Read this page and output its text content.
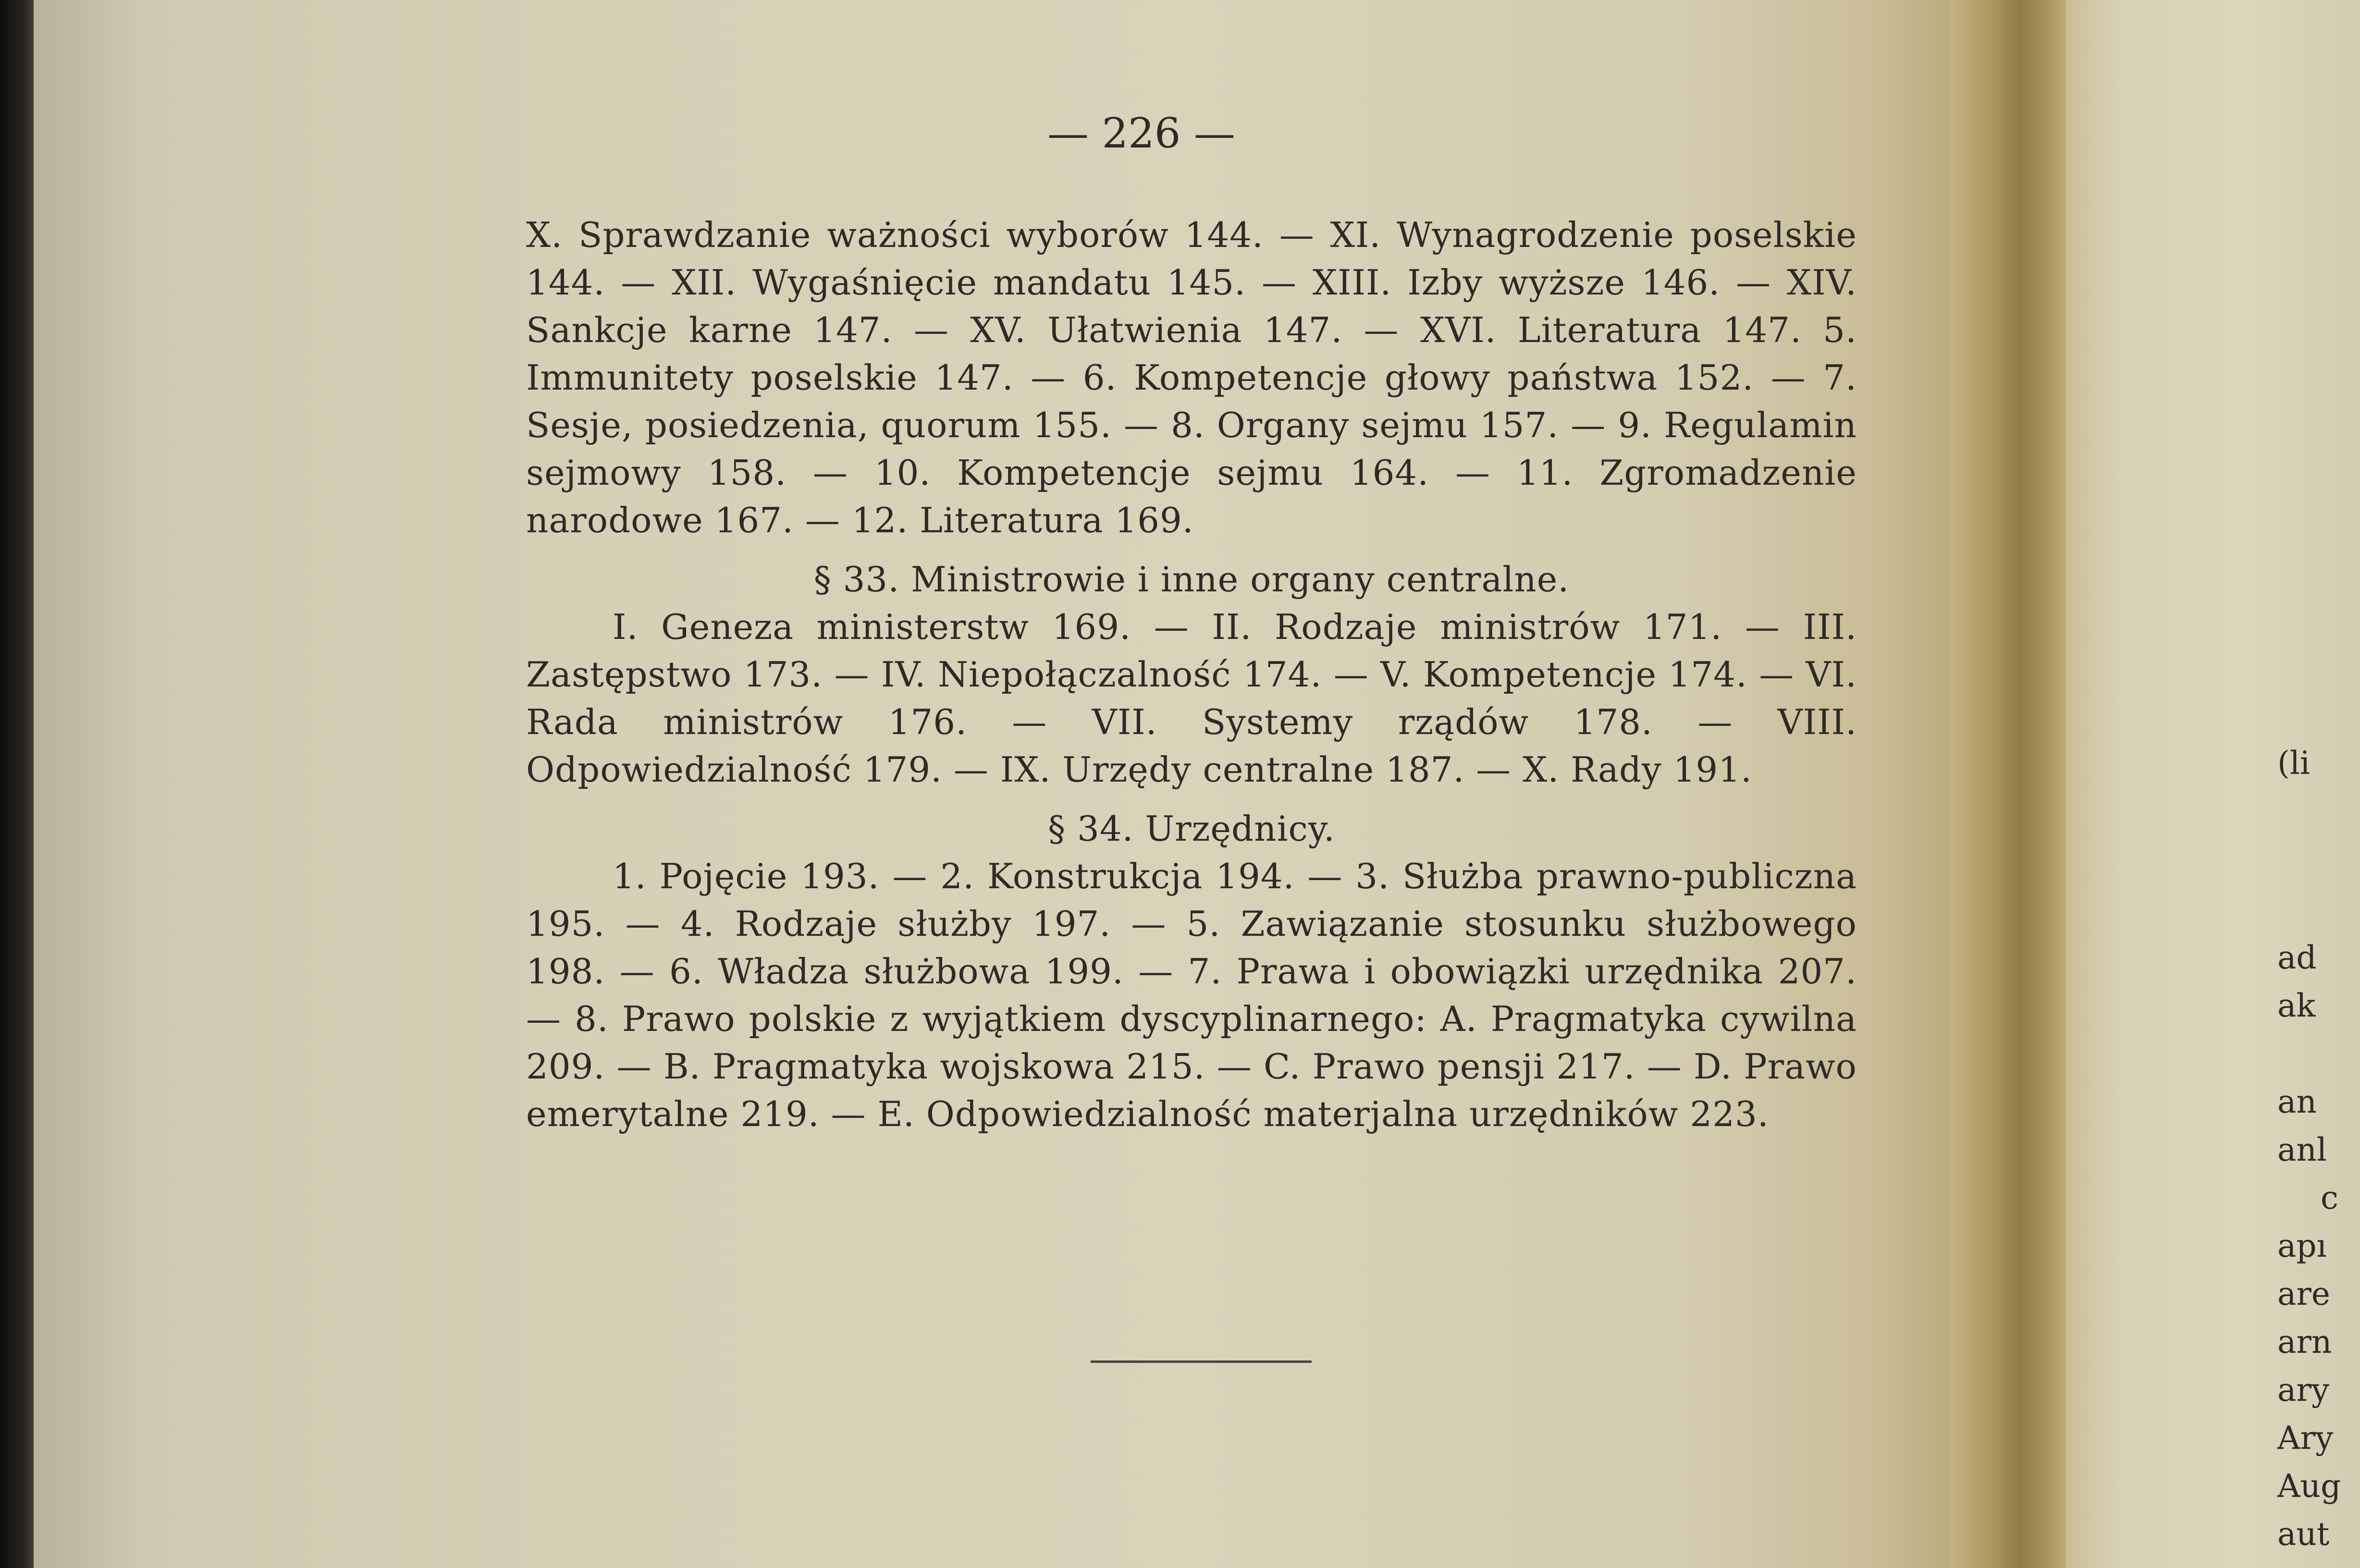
— 226 —

X. Sprawdzanie ważności wyborów 144. — XI. Wynagrodzenie poselskie 144. — XII. Wygaśnięcie mandatu 145. — XIII. Izby wyższe 146. — XIV. Sankcje karne 147. — XV. Ułatwienia 147. — XVI. Literatura 147. 5. Immunitety poselskie 147. — 6. Kompetencje głowy państwa 152. — 7. Sesje, posiedzenia, quorum 155. — 8. Organy sejmu 157. — 9. Regulamin sejmowy 158. — 10. Kompetencje sejmu 164. — 11. Zgromadzenie narodowe 167. — 12. Literatura 169.

§ 33. Ministrowie i inne organy centralne.

I. Geneza ministerstw 169. — II. Rodzaje ministrów 171. — III. Zastępstwo 173. — IV. Niepołączalność 174. — V. Kompetencje 174. — VI. Rada ministrów 176. — VII. Systemy rządów 178. — VIII. Odpowiedzialność 179. — IX. Urzędy centralne 187. — X. Rady 191.

§ 34. Urzędnicy.

1. Pojęcie 193. — 2. Konstrukcja 194. — 3. Służba prawno-publiczna 195. — 4. Rodzaje służby 197. — 5. Zawiązanie stosunku służbowego 198. — 6. Władza służbowa 199. — 7. Prawa i obowiązki urzędnika 207. — 8. Prawo polskie z wyjątkiem dyscyplinarnego: A. Pragmatyka cywilna 209. — B. Pragmatyka wojskowa 215. — C. Prawo pensji 217. — D. Prawo emerytalne 219. — E. Odpowiedzialność materjalna urzędników 223.

(li
ad
ak
an
anl
c
apı
are
arn
ary
Ary
Aug
aut
